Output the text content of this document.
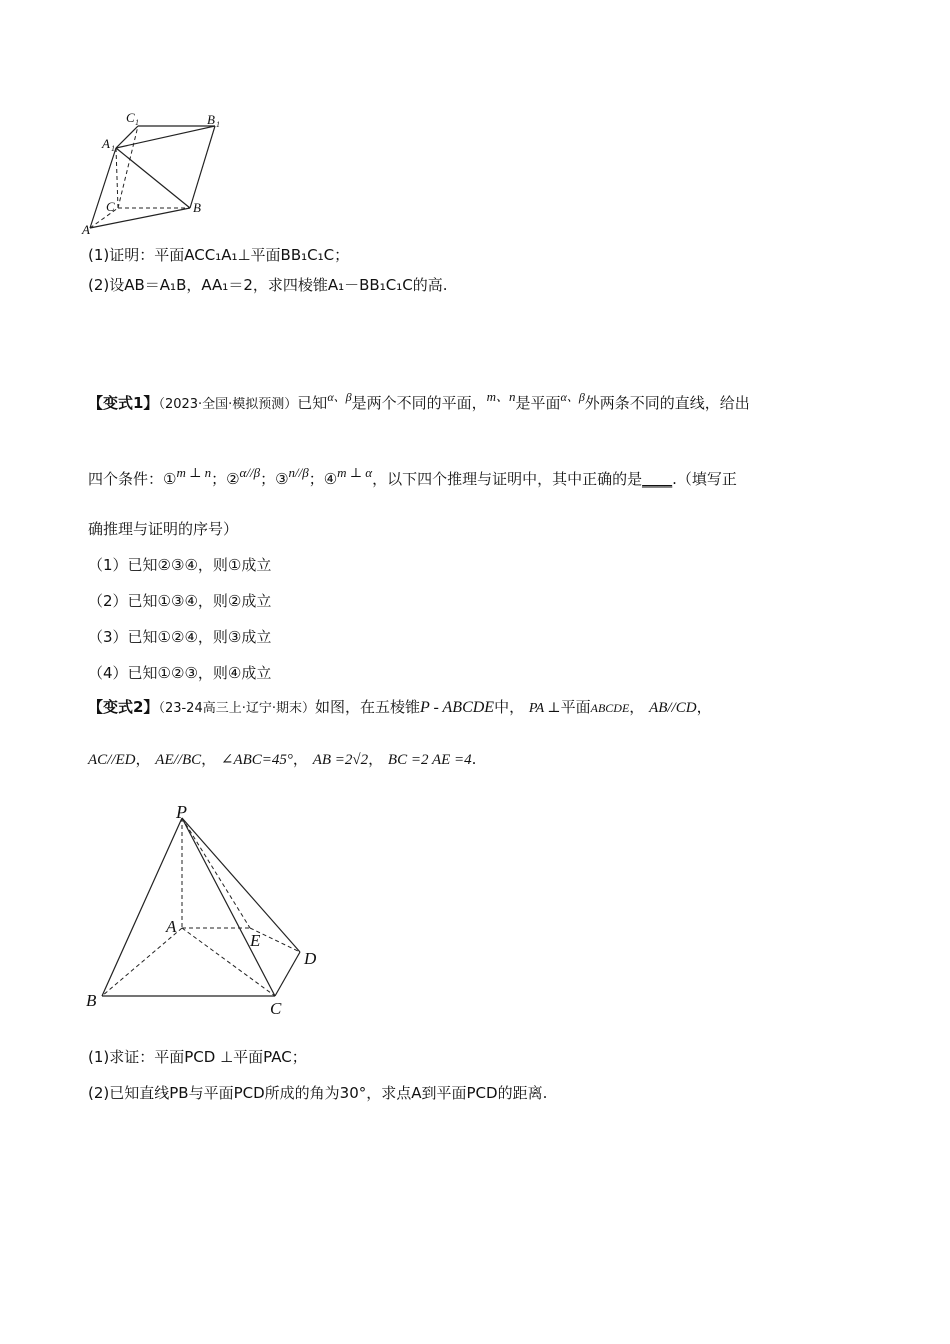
A
B
C
A 1
B 1
C 1
(1)证明：平面ACC₁A₁⊥平面BB₁C₁C；
(2)设AB＝A₁B，AA₁＝2，求四棱锥A₁－BB₁C₁C的高.
【变式1】（2023·全国·模拟预测）已知$^{\alpha、\beta}$是两个不同的平面，m、n是平面$^{\alpha、\beta}$外两条不同的直线，给出
四个条件：①m ⊥ n；②α//β；③n//β；④m ⊥ α，以下四个推理与证明中，其中正确的是____.（填写正
确推理与证明的序号）
（1）已知②③④，则①成立
（2）已知①③④，则②成立
（3）已知①②④，则③成立
（4）已知①②③，则④成立
【变式2】（23-24高三上·辽宁·期末）如图，在五棱锥P - ABCDE中， PA ⊥平面ABCDE， AB//CD，
AC//ED， AE//BC， ∠ABC=45°， AB =2√2， BC =2 AE =4.
P
A
B	C
D
E
(1)求证：平面PCD ⊥平面PAC；
(2)已知直线PB与平面PCD所成的角为30°，求点A到平面PCD的距离.
